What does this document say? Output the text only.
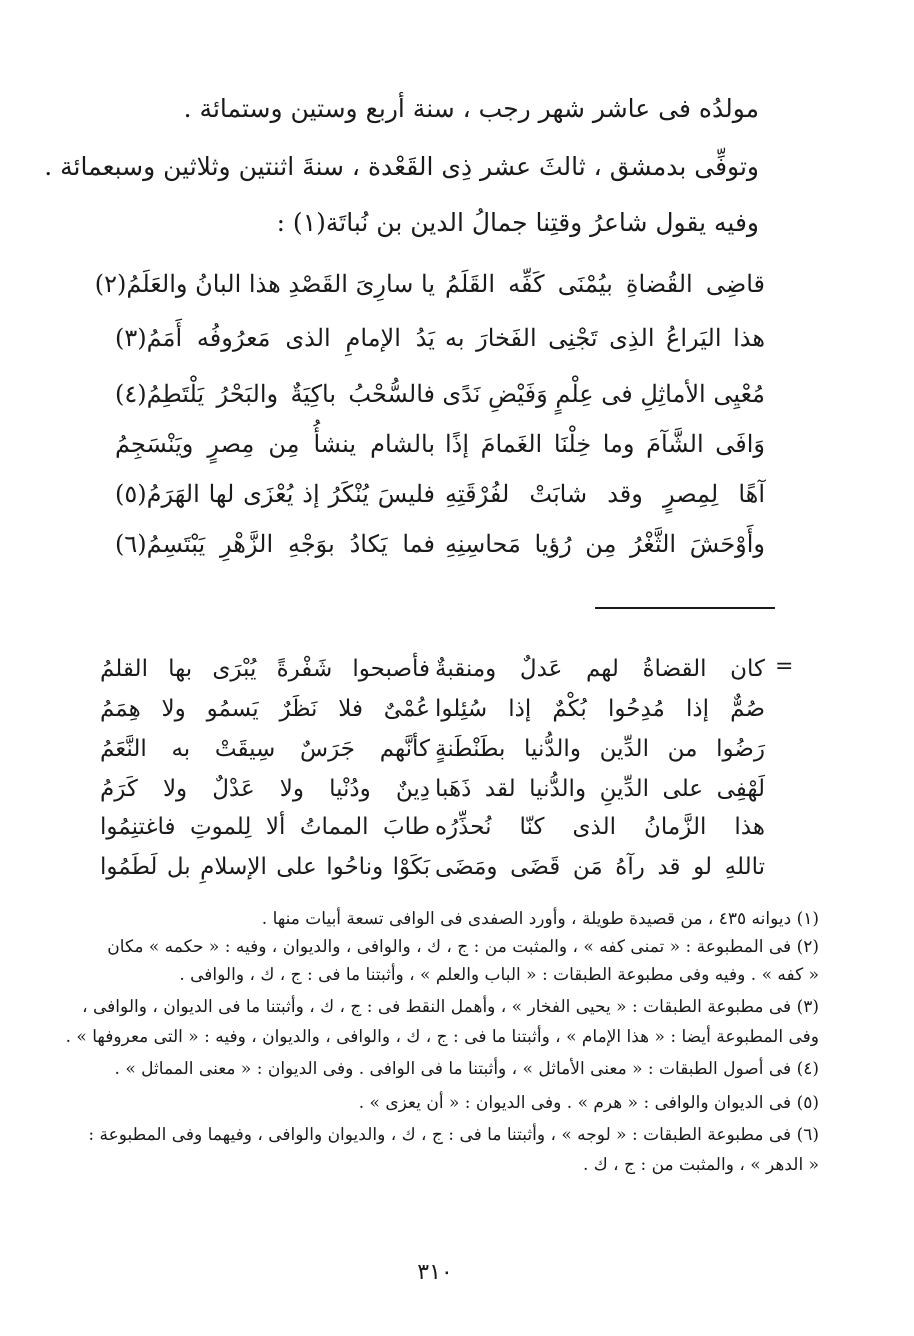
مولدُه فى عاشر شهر رجب ، سنة أربع وستين وستمائة .
وتوفِّى بدمشق ، ثالثَ عشر ذِى القَعْدة ، سنةَ اثنتين وثلاثين وسبعمائة .
وفيه يقول شاعرُ وقتِنا جمالُ الدين بن نُباتَة(١) :
قاضِى القُضاةِ بيُمْنَى كَفِّه القَلَمُ
يا سارِىَ القَصْدِ هذا البانُ والعَلَمُ(٢)
هذا اليَراعُ الذِى تَجْنِى الفَخارَ به
يَدُ الإمامِ الذى مَعرُوفُه أَمَمُ(٣)
مُعْيِى الأماثِلِ فى عِلْمٍ وَفَيْضِ نَدًى
فالسُّحْبُ باكِيَةٌ والبَحْرُ يَلْتَطِمُ(٤)
وَافَى الشَّآمَ وما خِلْنَا الغَمامَ إذًا
بالشام ينشأُ مِن مِصرٍ ويَنْسَجِمُ
آهًا لِمِصرٍ وقد شابَتْ لفُرْقَتِهِ
فليسَ يُنْكَرُ إذ يُعْزَى لها الهَرَمُ(٥)
وأَوْحَشَ الثَّغْرُ مِن رُؤيا مَحاسِنِهِ
فما يَكادُ بوَجْهِ الزَّهْرِ يَبْتَسِمُ(٦)
=
كان القضاةُ لهم عَدلٌ ومنقبةٌ
فأصبحوا شَفْرةً يُبْرَى بها القلمُ
صُمٌّ إذا مُدِحُوا بُكْمٌ إذا سُئِلوا
عُمْىٌ فلا نَظَرٌ يَسمُو ولا هِمَمُ
رَضُوا من الدِّين والدُّنيا بطَنْطَنةٍ
كأنَّهم جَرَسٌ سِيقَتْ به النَّعَمُ
لَهْفِى على الدِّينِ والدُّنيا لقد ذَهَبا
دِينٌ ودُنْيا ولا عَدْلٌ ولا كَرَمُ
هذا الزَّمانُ الذى كنّا نُحذِّرُه
طابَ المماتُ ألا لِلموتِ فاغتنِمُوا
تاللهِ لو قد رآهُ مَن قَضَى ومَضَى
بَكَوْا وناحُوا على الإسلامِ بل لَطَمُوا
(١) ديوانه ٤٣٥ ، من قصيدة طويلة ، وأورد الصفدى فى الوافى تسعة أبيات منها .
(٢) فى المطبوعة : « تمنى كفه » ، والمثبت من : ج ، ك ، والوافى ، والديوان ، وفيه : « حكمه » مكان
« كفه » . وفيه وفى مطبوعة الطبقات : « الباب والعلم » ، وأثبتنا ما فى : ج ، ك ، والوافى .
(٣) فى مطبوعة الطبقات : « يحيى الفخار » ، وأهمل النقط فى : ج ، ك ، وأثبتنا ما فى الديوان ، والوافى ،
وفى المطبوعة أيضا : « هذا الإمام » ، وأثبتنا ما فى : ج ، ك ، والوافى ، والديوان ، وفيه : « التى معروفها » .
(٤) فى أصول الطبقات : « معنى الأماثل » ، وأثبتنا ما فى الوافى . وفى الديوان : « معنى المماثل » .
(٥) فى الديوان والوافى : « هرم » . وفى الديوان : « أن يعزى » .
(٦) فى مطبوعة الطبقات : « لوجه » ، وأثبتنا ما فى : ج ، ك ، والديوان والوافى ، وفيهما وفى المطبوعة :
« الدهر » ، والمثبت من : ج ، ك .
٣١٠
